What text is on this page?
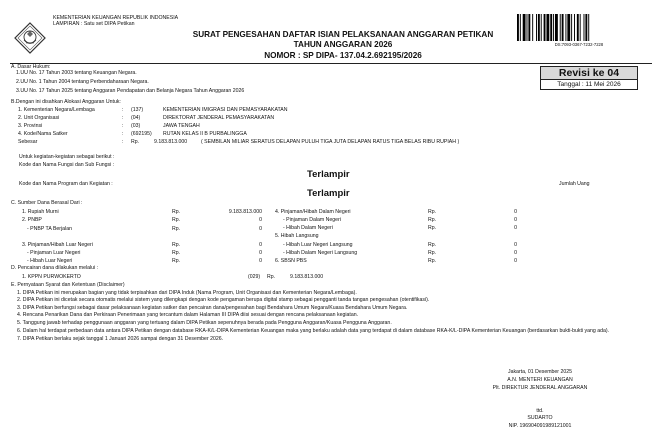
KEMENTERIAN KEUANGAN REPUBLIK INDONESIA
LAMPIRAN : Satu set DIPA Petikan
SURAT PENGESAHAN DAFTAR ISIAN PELAKSANAAN ANGGARAN PETIKAN
TAHUN ANGGARAN 2026
NOMOR : SP DIPA- 137.04.2.692195/2026
DS:7093-0367-7232-7228
Revisi ke 04
Tanggal : 11 Mei 2026
A. Dasar Hukum:
1.UU No. 17 Tahun 2003 tentang Keuangan Negara.
2.UU No. 1 Tahun 2004 tentang Perbendaharaan Negara.
3.UU No. 17 Tahun 2025 tentang Anggaran Pendapatan dan Belanja Negara Tahun Anggaran 2026
B.Dengan ini disahkan Alokasi Anggaran Untuk:
1. Kementerian Negara/Lembaga	: (137)	KEMENTERIAN IMIGRASI DAN PEMASYARAKATAN
2. Unit Organisasi	: (04)	DIREKTORAT JENDERAL PEMASYARAKATAN
3. Provinsi	: (03)	JAWA TENGAH
4. Kode/Nama Satker	: (692195) RUTAN KELAS II B PURBALINGGA
Sebesar	: Rp.	9.183.813.000	( SEMBILAN MILIAR SERATUS DELAPAN PULUH TIGA JUTA DELAPAN RATUS TIGA BELAS RIBU RUPIAH )
Untuk kegiatan-kegiatan sebagai berikut :
Kode dan Nama Fungsi dan Sub Fungsi :
Terlampir
Kode dan Nama Program dan Kegiatan :	Jumlah Uang
Terlampir
C. Sumber Dana Berasal Dari :
1. Rupiah Murni	Rp.	9.183.813.000
2. PNBP	Rp.	0
- PNBP TA Berjalan	Rp.	0
3. Pinjaman/Hibah Luar Negeri	Rp.	0
- Pinjaman Luar Negeri	Rp.	0
- Hibah Luar Negeri	Rp.	0
4. Pinjaman/Hibah Dalam Negeri	Rp.	0
- Pinjaman Dalam Negeri	Rp.	0
- Hibah Dalam Negeri	Rp.	0
5. Hibah Langsung
- Hibah Luar Negeri Langsung	Rp.	0
- Hibah Dalam Negeri Langsung	Rp.	0
6. SBSN PBS	Rp.	0
D. Pencairan dana dilakukan melalui :
1. KPPN PURWOKERTO	(029) Rp.	9.183.813.000
E. Pernyataan Syarat dan Ketentuan (Disclaimer)
1. DIPA Petikan ini merupakan bagian yang tidak terpisahkan dari DIPA Induk (Nama Program, Unit Organisasi dan Kementerian Negara/Lembaga).
2. DIPA Petikan ini dicetak secara otomatis melalui sistem yang dilengkapi dengan kode pengaman berupa digital stamp sebagai pengganti tanda tangan pengesahan (otentifikasi).
3. DIPA Petikan berfungsi sebagai dasar pelaksanaan kegiatan satker dan pencairan dana/pengesahan bagi Bendahara Umum Negara/Kuasa Bendahara Umum Negara.
4. Rencana Penarikan Dana dan Perkiraan Penerimaan yang tercantum dalam Halaman III DIPA diisi sesuai dengan rencana pelaksanaan kegiatan.
5. Tanggung jawab terhadap penggunaan anggaran yang tertuang dalam DIPA Petikan sepenuhnya berada pada Pengguna Anggaran/Kuasa Pengguna Anggaran.
6. Dalam hal terdapat perbedaan data antara DIPA Petikan dengan database RKA-K/L-DIPA Kementerian Keuangan maka yang berlaku adalah data yang terdapat di dalam database RKA-K/L-DIPA Kementerian Keuangan (berdasarkan bukti-bukti yang ada).
7. DIPA Petikan berlaku sejak tanggal 1 Januari 2026 sampai dengan 31 Desember 2026.
Jakarta, 01 Desember 2025
A.N. MENTERI KEUANGAN
Plt. DIREKTUR JENDERAL ANGGARAN
ttd.
SUDARTO
NIP. 196904091989121001
